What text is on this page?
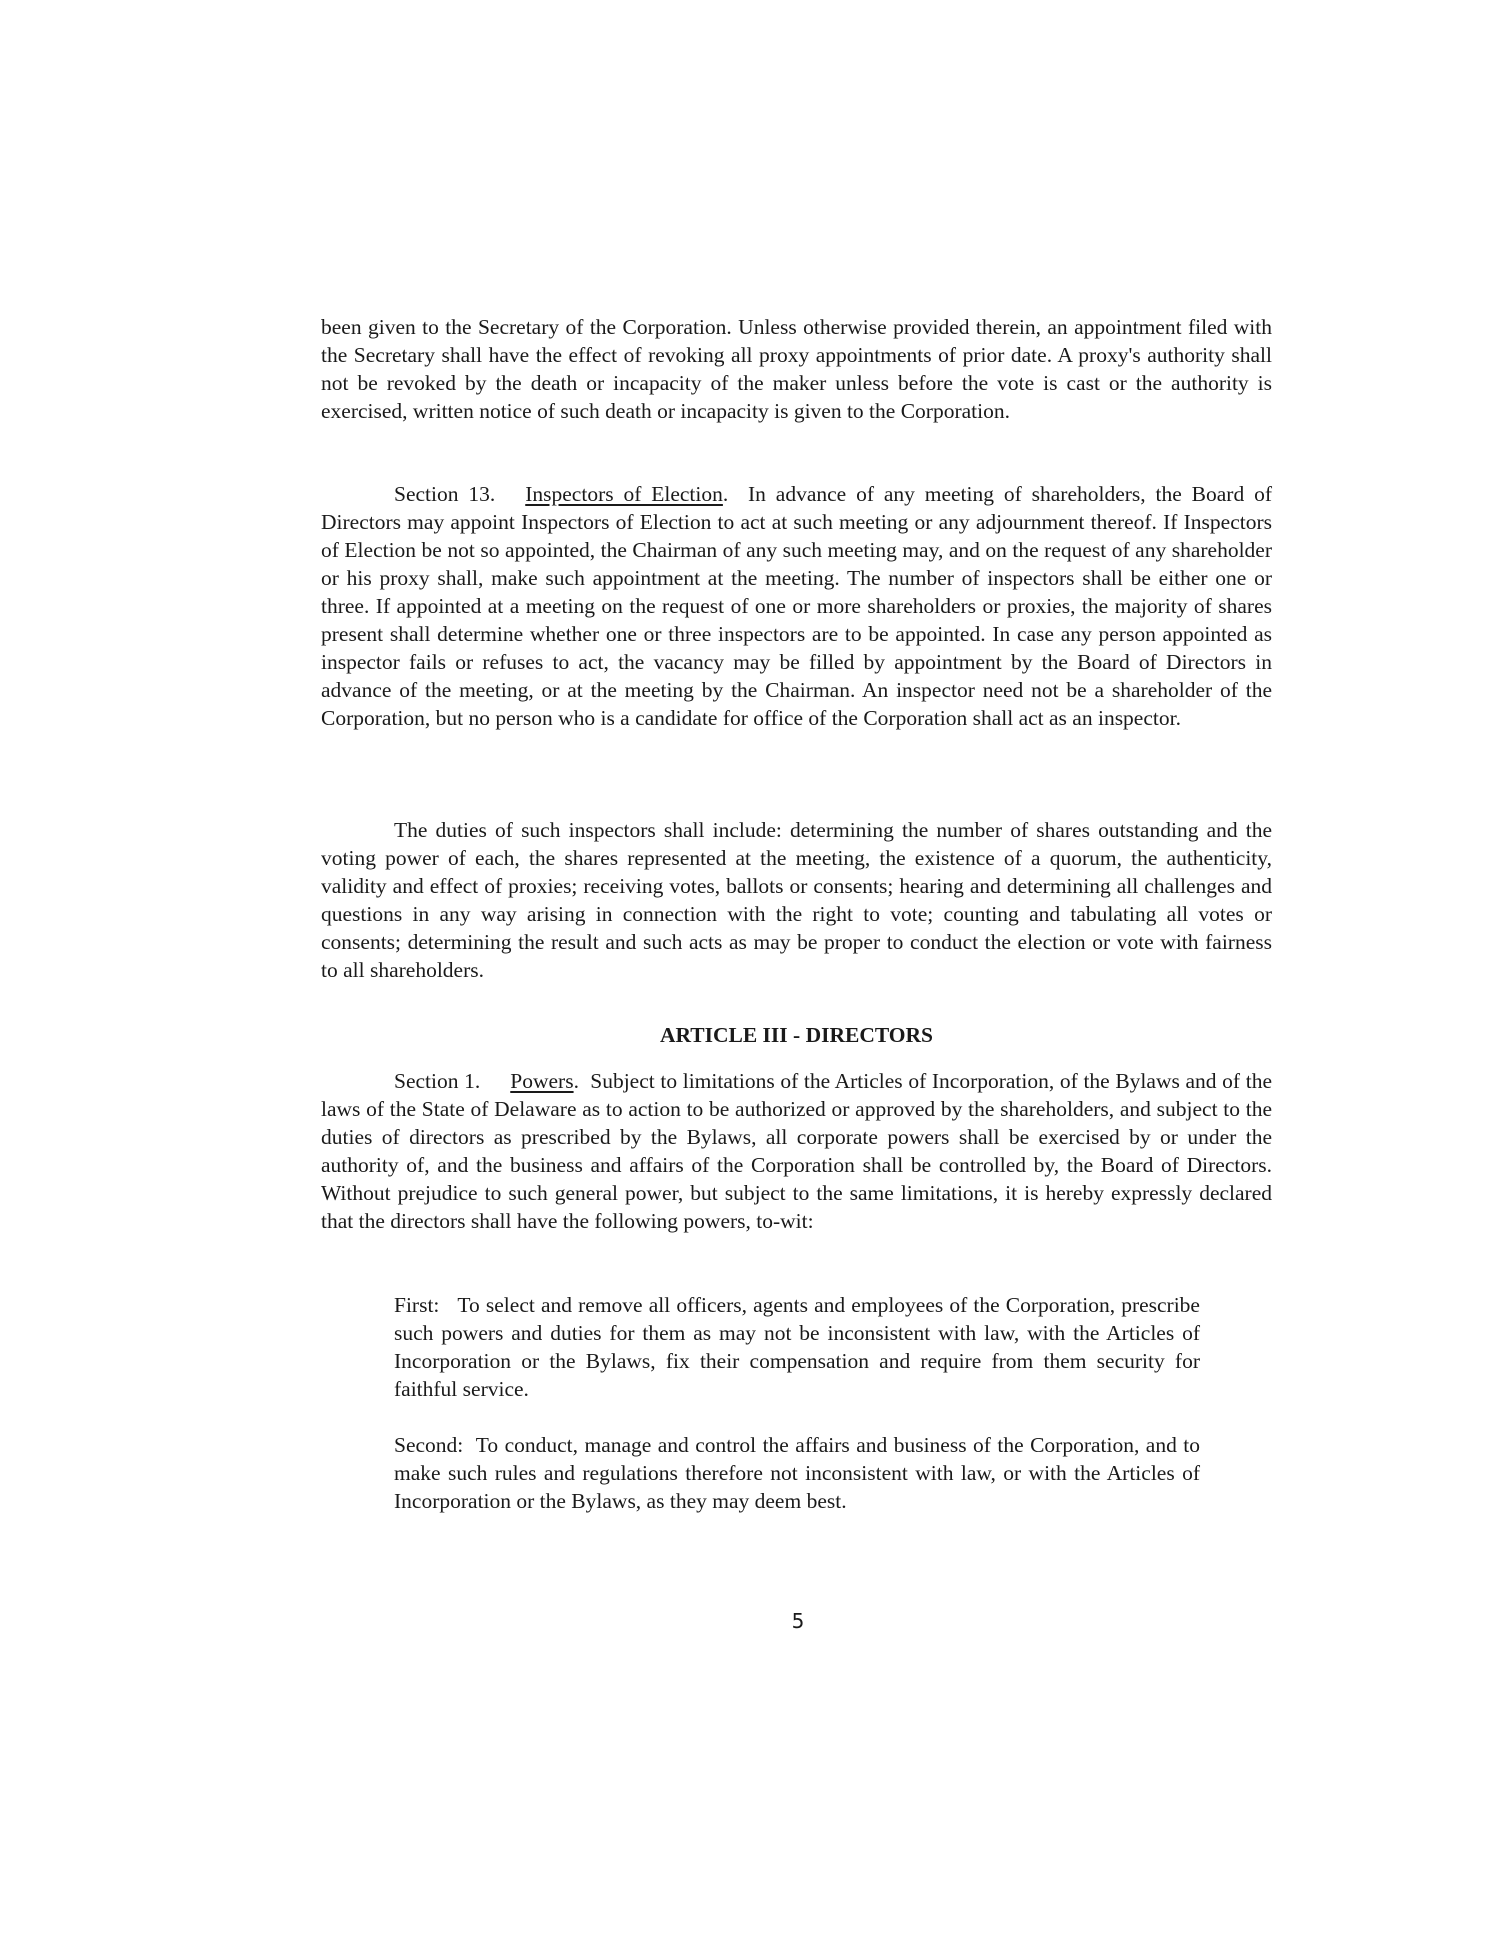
been given to the Secretary of the Corporation. Unless otherwise provided therein, an appointment filed with the Secretary shall have the effect of revoking all proxy appointments of prior date. A proxy's authority shall not be revoked by the death or incapacity of the maker unless before the vote is cast or the authority is exercised, written notice of such death or incapacity is given to the Corporation.

Section 13. Inspectors of Election.  In advance of any meeting of shareholders, the Board of Directors may appoint Inspectors of Election to act at such meeting or any adjournment thereof. If Inspectors of Election be not so appointed, the Chairman of any such meeting may, and on the request of any shareholder or his proxy shall, make such appointment at the meeting. The number of inspectors shall be either one or three. If appointed at a meeting on the request of one or more shareholders or proxies, the majority of shares present shall determine whether one or three inspectors are to be appointed. In case any person appointed as inspector fails or refuses to act, the vacancy may be filled by appointment by the Board of Directors in advance of the meeting, or at the meeting by the Chairman. An inspector need not be a shareholder of the Corporation, but no person who is a candidate for office of the Corporation shall act as an inspector.

The duties of such inspectors shall include: determining the number of shares outstanding and the voting power of each, the shares represented at the meeting, the existence of a quorum, the authenticity, validity and effect of proxies; receiving votes, ballots or consents; hearing and determining all challenges and questions in any way arising in connection with the right to vote; counting and tabulating all votes or consents; determining the result and such acts as may be proper to conduct the election or vote with fairness to all shareholders.

ARTICLE III - DIRECTORS

Section 1. Powers.  Subject to limitations of the Articles of Incorporation, of the Bylaws and of the laws of the State of Delaware as to action to be authorized or approved by the shareholders, and subject to the duties of directors as prescribed by the Bylaws, all corporate powers shall be exercised by or under the authority of, and the business and affairs of the Corporation shall be controlled by, the Board of Directors. Without prejudice to such general power, but subject to the same limitations, it is hereby expressly declared that the directors shall have the following powers, to-wit:

First: To select and remove all officers, agents and employees of the Corporation, prescribe such powers and duties for them as may not be inconsistent with law, with the Articles of Incorporation or the Bylaws, fix their compensation and require from them security for faithful service.

Second: To conduct, manage and control the affairs and business of the Corporation, and to make such rules and regulations therefore not inconsistent with law, or with the Articles of Incorporation or the Bylaws, as they may deem best.

5
